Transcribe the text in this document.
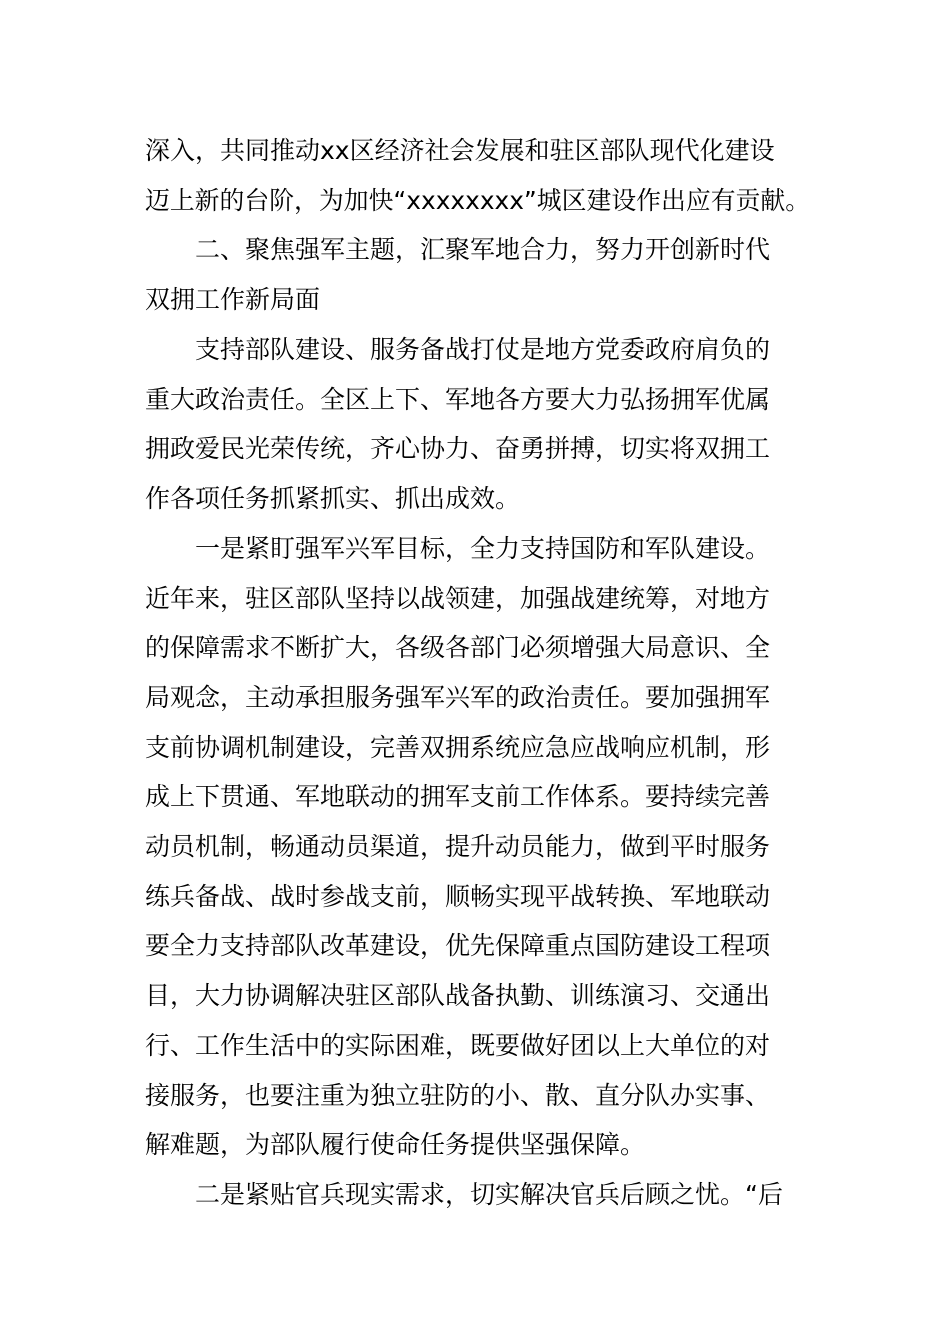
深入，共同推动xx区经济社会发展和驻区部队现代化建设
迈上新的台阶，为加快“xxxxxxxx”城区建设作出应有贡献。
二、聚焦强军主题，汇聚军地合力，努力开创新时代
双拥工作新局面
支持部队建设、服务备战打仗是地方党委政府肩负的
重大政治责任。全区上下、军地各方要大力弘扬拥军优属
拥政爱民光荣传统，齐心协力、奋勇拼搏，切实将双拥工
作各项任务抓紧抓实、抓出成效。
一是紧盯强军兴军目标，全力支持国防和军队建设。
近年来，驻区部队坚持以战领建，加强战建统筹，对地方
的保障需求不断扩大，各级各部门必须增强大局意识、全
局观念，主动承担服务强军兴军的政治责任。要加强拥军
支前协调机制建设，完善双拥系统应急应战响应机制，形
成上下贯通、军地联动的拥军支前工作体系。要持续完善
动员机制，畅通动员渠道，提升动员能力，做到平时服务
练兵备战、战时参战支前，顺畅实现平战转换、军地联动
要全力支持部队改革建设，优先保障重点国防建设工程项
目，大力协调解决驻区部队战备执勤、训练演习、交通出
行、工作生活中的实际困难，既要做好团以上大单位的对
接服务，也要注重为独立驻防的小、散、直分队办实事、
解难题，为部队履行使命任务提供坚强保障。
二是紧贴官兵现实需求，切实解决官兵后顾之忧。“后
